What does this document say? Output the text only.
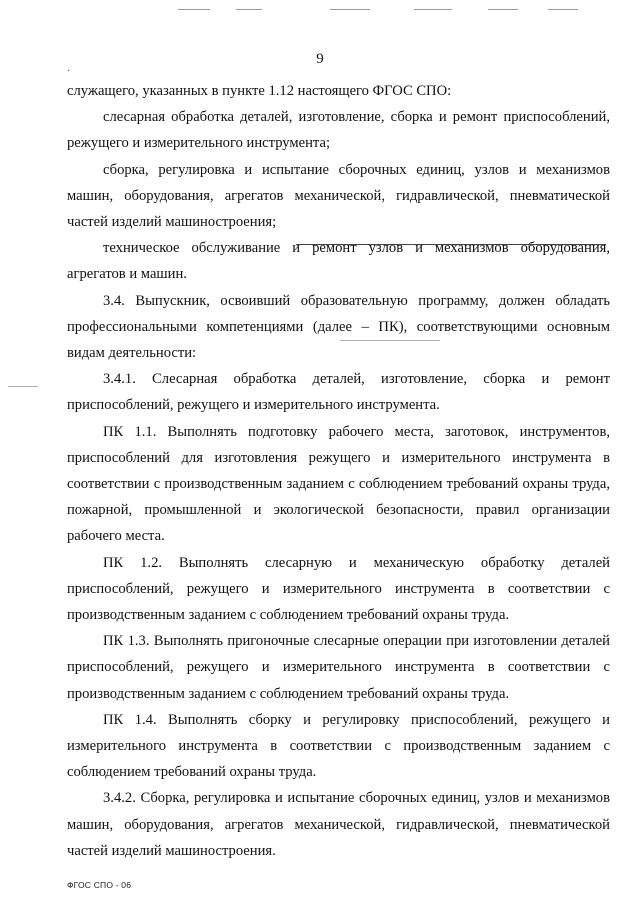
9
·

служащего, указанных в пункте 1.12 настоящего ФГОС СПО:

слесарная обработка деталей, изготовление, сборка и ремонт приспособлений, режущего и измерительного инструмента;

сборка, регулировка и испытание сборочных единиц, узлов и механизмов машин, оборудования, агрегатов механической, гидравлической, пневматической частей изделий машиностроения;

техническое обслуживание и ремонт узлов и механизмов оборудования, агрегатов и машин.

3.4. Выпускник, освоивший образовательную программу, должен обладать профессиональными компетенциями (далее – ПК), соответствующими основным видам деятельности:

3.4.1. Слесарная обработка деталей, изготовление, сборка и ремонт приспособлений, режущего и измерительного инструмента.

ПК 1.1. Выполнять подготовку рабочего места, заготовок, инструментов, приспособлений для изготовления режущего и измерительного инструмента в соответствии с производственным заданием с соблюдением требований охраны труда, пожарной, промышленной и экологической безопасности, правил организации рабочего места.

ПК 1.2. Выполнять слесарную и механическую обработку деталей приспособлений, режущего и измерительного инструмента в соответствии с производственным заданием с соблюдением требований охраны труда.

ПК 1.3. Выполнять пригоночные слесарные операции при изготовлении деталей приспособлений, режущего и измерительного инструмента в соответствии с производственным заданием с соблюдением требований охраны труда.

ПК 1.4. Выполнять сборку и регулировку приспособлений, режущего и измерительного инструмента в соответствии с производственным заданием с соблюдением требований охраны труда.

3.4.2. Сборка, регулировка и испытание сборочных единиц, узлов и механизмов машин, оборудования, агрегатов механической, гидравлической, пневматической частей изделий машиностроения.

ФГОС СПО - 06
